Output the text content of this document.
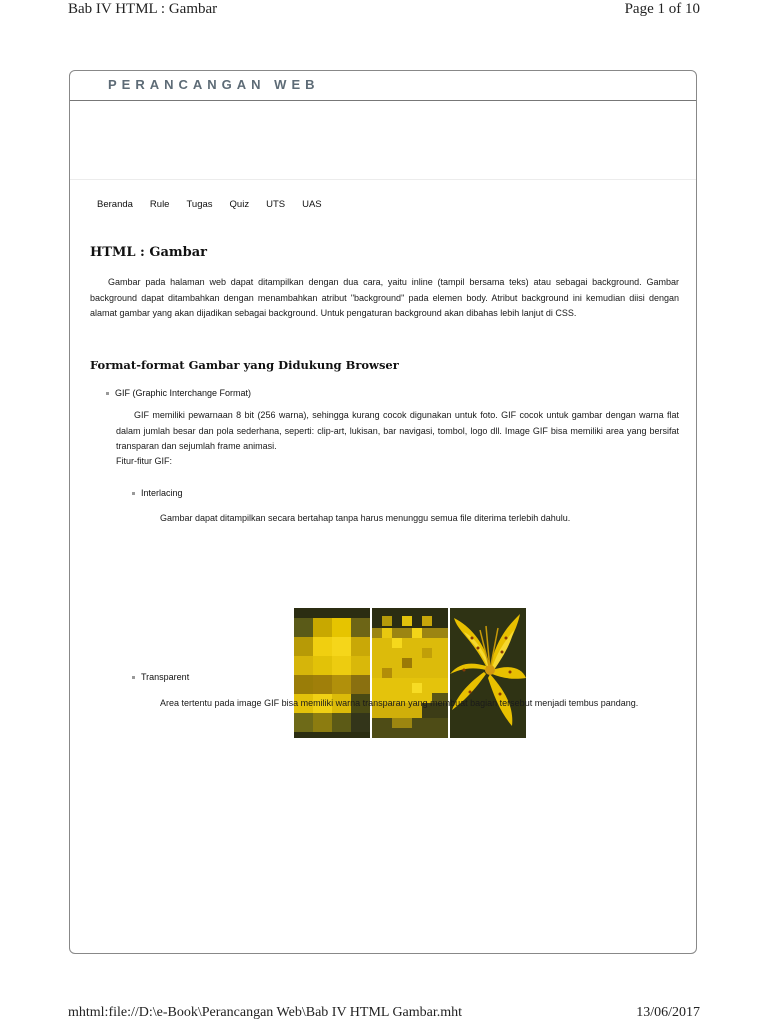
Bab IV HTML : Gambar	Page 1 of 10
PERANCANGAN WEB
Beranda Rule Tugas Quiz UTS UAS
HTML : Gambar

Gambar pada halaman web dapat ditampilkan dengan dua cara, yaitu inline (tampil bersama teks) atau sebagai background. Gambar background dapat ditambahkan dengan menambahkan atribut "background" pada elemen body. Atribut background ini kemudian diisi dengan alamat gambar yang akan dijadikan sebagai background. Untuk pengaturan background akan dibahas lebih lanjut di CSS.

Format-format Gambar yang Didukung Browser
GIF (Graphic Interchange Format)

GIF memiliki pewarnaan 8 bit (256 warna), sehingga kurang cocok digunakan untuk foto. GIF cocok untuk gambar dengan warna flat dalam jumlah besar dan pola sederhana, seperti: clip-art, lukisan, bar navigasi, tombol, logo dll. Image GIF bisa memiliki area yang bersifat transparan dan sejumlah frame animasi.

Fitur-fitur GIF:
Interlacing

Gambar dapat ditampilkan secara bertahap tanpa harus menunggu semua file diterima terlebih dahulu.

Transparent

Area tertentu pada image GIF bisa memiliki warna transparan yang membuat bagian tersebut menjadi tembus pandang.

mhtml:file://D:\e-Book\Perancangan Web\Bab IV HTML Gambar.mht	13/06/2017
